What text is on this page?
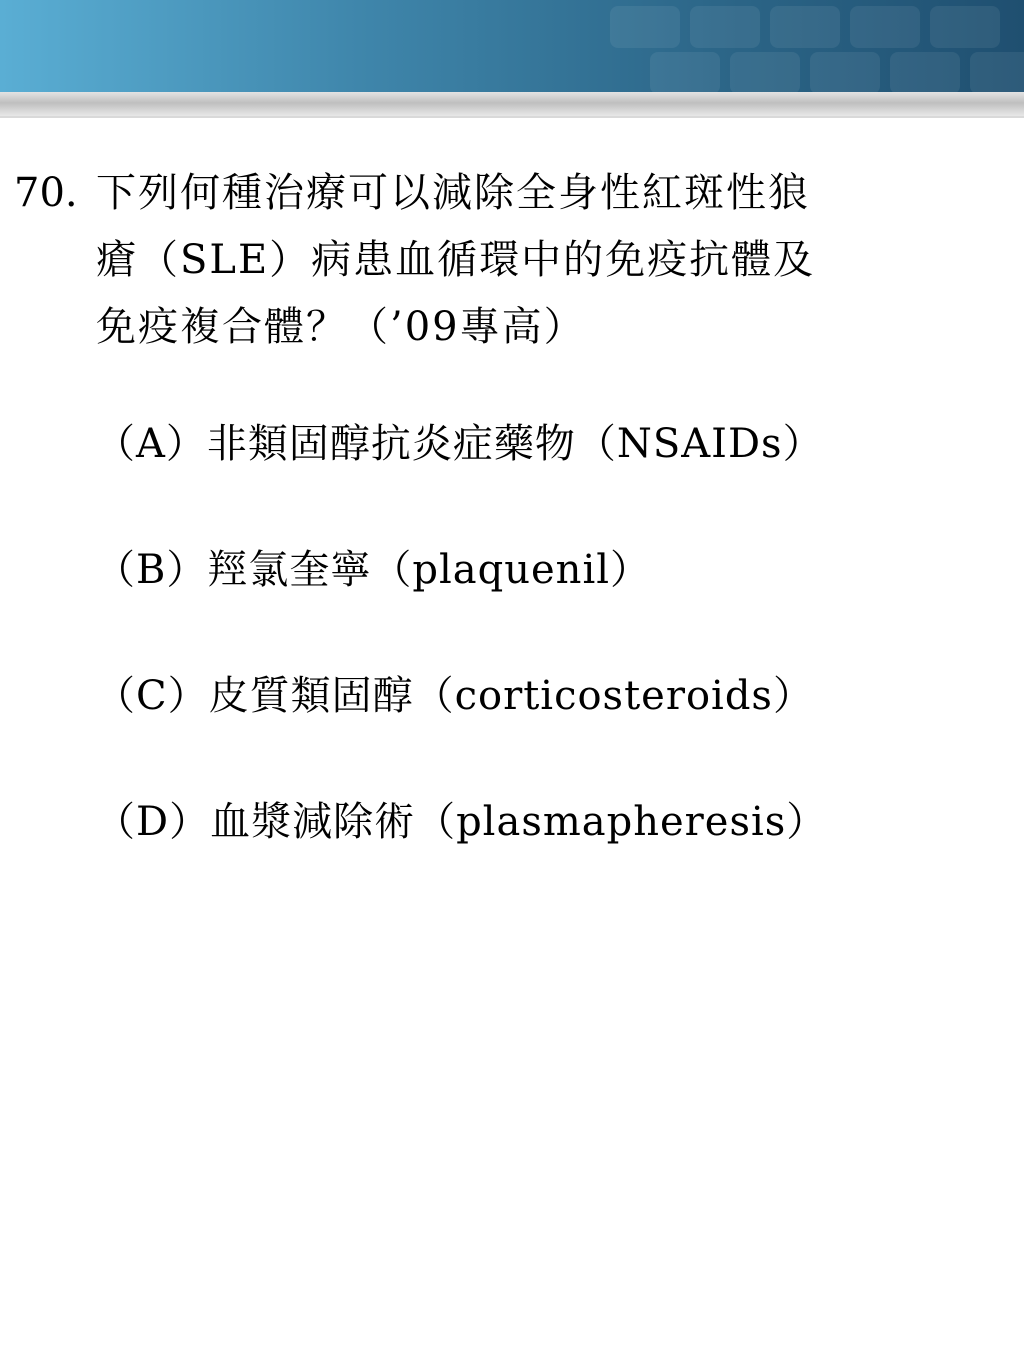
70. 下列何種治療可以減除全身性紅斑性狼
瘡（SLE）病患血循環中的免疫抗體及
免疫複合體？（’09專高）
（A）非類固醇抗炎症藥物（NSAIDs）
（B）羥氯奎寧（plaquenil）
（C）皮質類固醇（corticosteroids）
（D）血漿減除術（plasmapheresis）
